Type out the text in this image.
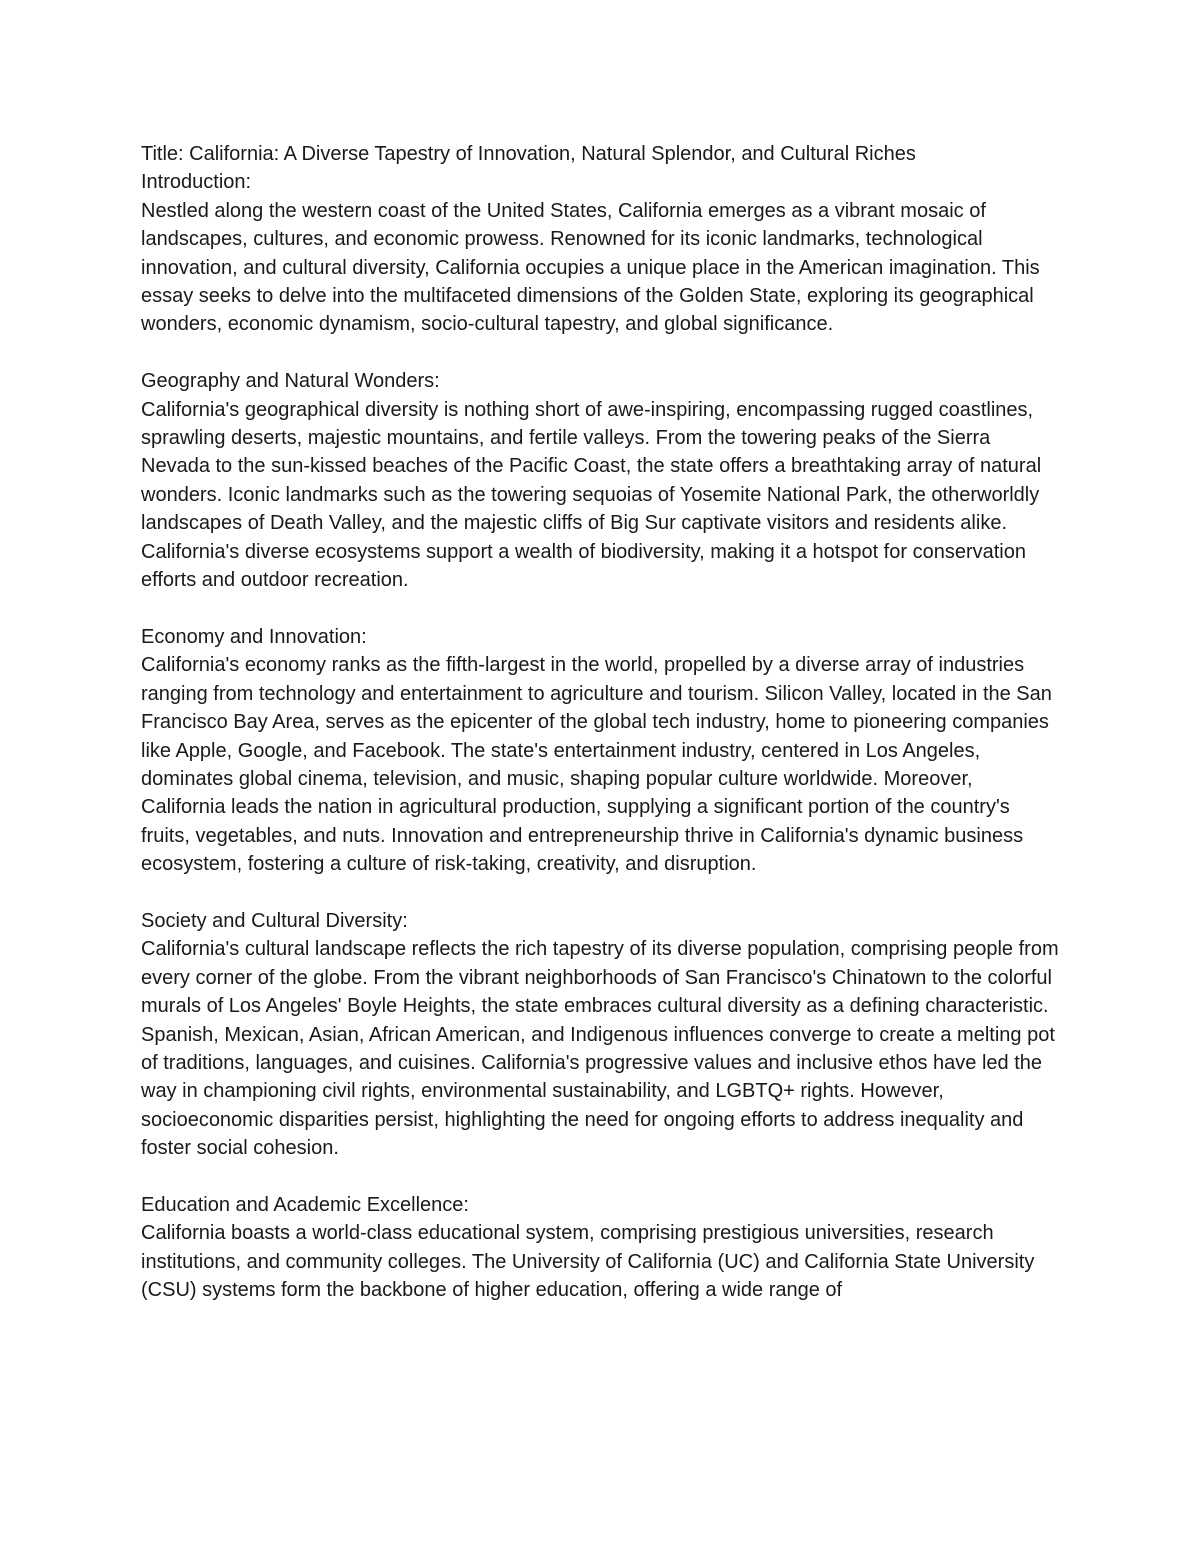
Title: California: A Diverse Tapestry of Innovation, Natural Splendor, and Cultural Riches

Introduction:
Nestled along the western coast of the United States, California emerges as a vibrant mosaic of landscapes, cultures, and economic prowess. Renowned for its iconic landmarks, technological innovation, and cultural diversity, California occupies a unique place in the American imagination. This essay seeks to delve into the multifaceted dimensions of the Golden State, exploring its geographical wonders, economic dynamism, socio-cultural tapestry, and global significance.
Geography and Natural Wonders:
California's geographical diversity is nothing short of awe-inspiring, encompassing rugged coastlines, sprawling deserts, majestic mountains, and fertile valleys. From the towering peaks of the Sierra Nevada to the sun-kissed beaches of the Pacific Coast, the state offers a breathtaking array of natural wonders. Iconic landmarks such as the towering sequoias of Yosemite National Park, the otherworldly landscapes of Death Valley, and the majestic cliffs of Big Sur captivate visitors and residents alike. California's diverse ecosystems support a wealth of biodiversity, making it a hotspot for conservation efforts and outdoor recreation.
Economy and Innovation:
California's economy ranks as the fifth-largest in the world, propelled by a diverse array of industries ranging from technology and entertainment to agriculture and tourism. Silicon Valley, located in the San Francisco Bay Area, serves as the epicenter of the global tech industry, home to pioneering companies like Apple, Google, and Facebook. The state's entertainment industry, centered in Los Angeles, dominates global cinema, television, and music, shaping popular culture worldwide. Moreover, California leads the nation in agricultural production, supplying a significant portion of the country's fruits, vegetables, and nuts. Innovation and entrepreneurship thrive in California's dynamic business ecosystem, fostering a culture of risk-taking, creativity, and disruption.
Society and Cultural Diversity:
California's cultural landscape reflects the rich tapestry of its diverse population, comprising people from every corner of the globe. From the vibrant neighborhoods of San Francisco's Chinatown to the colorful murals of Los Angeles' Boyle Heights, the state embraces cultural diversity as a defining characteristic. Spanish, Mexican, Asian, African American, and Indigenous influences converge to create a melting pot of traditions, languages, and cuisines. California's progressive values and inclusive ethos have led the way in championing civil rights, environmental sustainability, and LGBTQ+ rights. However, socioeconomic disparities persist, highlighting the need for ongoing efforts to address inequality and foster social cohesion.
Education and Academic Excellence:
California boasts a world-class educational system, comprising prestigious universities, research institutions, and community colleges. The University of California (UC) and California State University (CSU) systems form the backbone of higher education, offering a wide range of
